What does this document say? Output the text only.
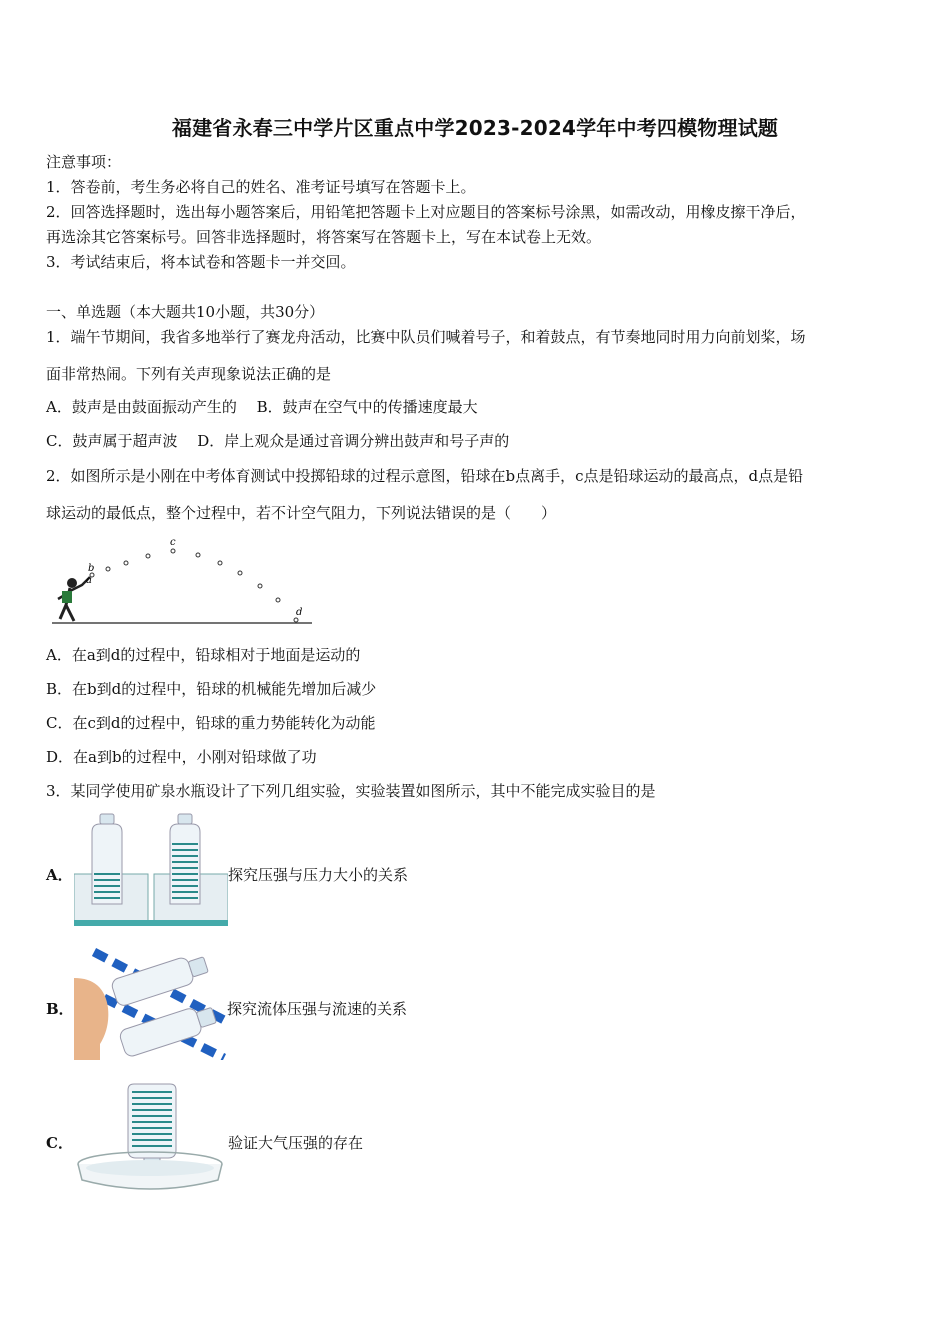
福建省永春三中学片区重点中学2023-2024学年中考四模物理试题
注意事项：
1．答卷前，考生务必将自己的姓名、准考证号填写在答题卡上。
2．回答选择题时，选出每小题答案后，用铅笔把答题卡上对应题目的答案标号涂黑，如需改动，用橡皮擦干净后，
再选涂其它答案标号。回答非选择题时，将答案写在答题卡上，写在本试卷上无效。
3．考试结束后，将本试卷和答题卡一并交回。
一、单选题（本大题共10小题，共30分）
1．端午节期间，我省多地举行了赛龙舟活动，比赛中队员们喊着号子，和着鼓点，有节奏地同时用力向前划桨，场
面非常热闹。下列有关声现象说法正确的是
A．鼓声是由鼓面振动产生的　 B．鼓声在空气中的传播速度最大
C．鼓声属于超声波　 D．岸上观众是通过音调分辨出鼓声和号子声的
2．如图所示是小刚在中考体育测试中投掷铅球的过程示意图，铅球在b点离手，c点是铅球运动的最高点，d点是铅
球运动的最低点，整个过程中，若不计空气阻力，下列说法错误的是（　　）
a
b
c
d
A．在a到d的过程中，铅球相对于地面是运动的
B．在b到d的过程中，铅球的机械能先增加后减少
C．在c到d的过程中，铅球的重力势能转化为动能
D．在a到b的过程中，小刚对铅球做了功
3．某同学使用矿泉水瓶设计了下列几组实验，实验装置如图所示，其中不能完成实验目的是
A．	探究压强与压力大小的关系
B．	探究流体压强与流速的关系
C．	验证大气压强的存在
